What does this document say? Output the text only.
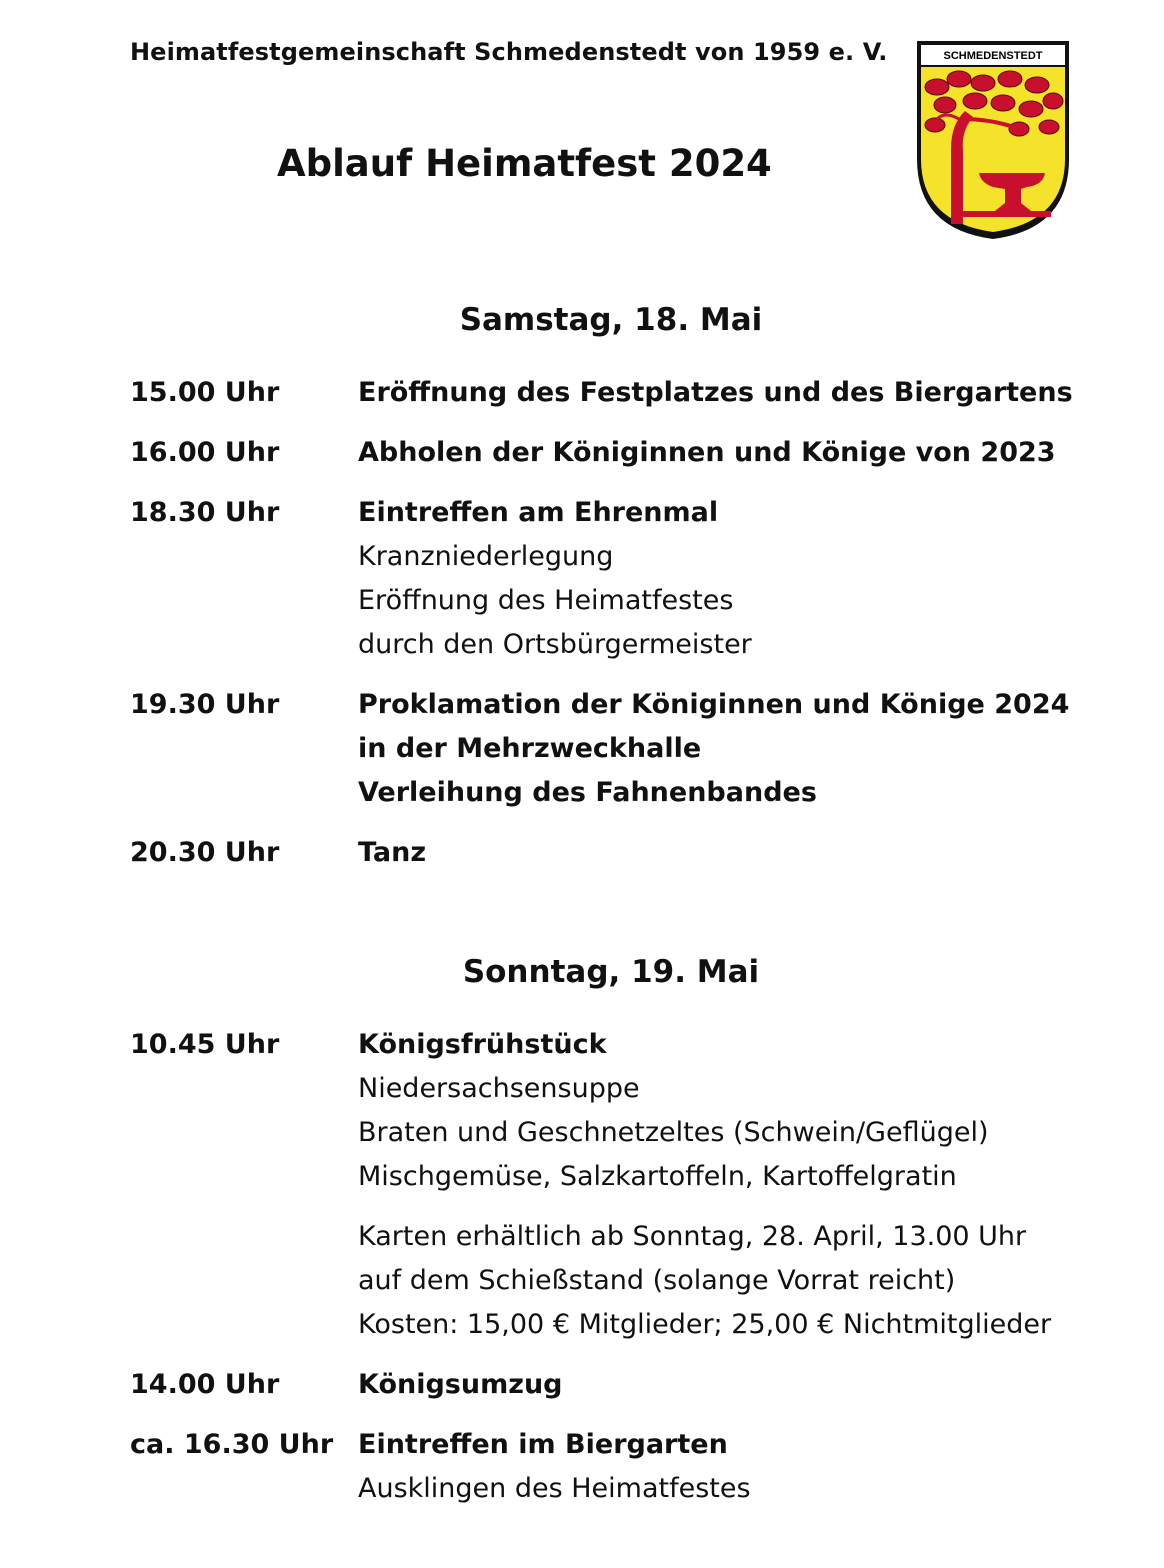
Heimatfestgemeinschaft Schmedenstedt von 1959 e. V.
Ablauf Heimatfest 2024
SCHMEDENSTEDT
Samstag, 18. Mai
15.00 Uhr	Eröffnung des Festplatzes und des Biergartens
16.00 Uhr	Abholen der Königinnen und Könige von 2023
18.30 Uhr	Eintreffen am Ehrenmal
Kranzniederlegung
Eröffnung des Heimatfestes
durch den Ortsbürgermeister
19.30 Uhr	Proklamation der Königinnen und Könige 2024
in der Mehrzweckhalle
Verleihung des Fahnenbandes
20.30 Uhr	Tanz
Sonntag, 19. Mai
10.45 Uhr	Königsfrühstück
Niedersachsensuppe
Braten und Geschnetzeltes (Schwein/Geflügel)
Mischgemüse, Salzkartoffeln, Kartoffelgratin
Karten erhältlich ab Sonntag, 28. April, 13.00 Uhr
auf dem Schießstand (solange Vorrat reicht)
Kosten: 15,00 € Mitglieder; 25,00 € Nichtmitglieder
14.00 Uhr	Königsumzug
ca. 16.30 Uhr Eintreffen im Biergarten
Ausklingen des Heimatfestes
